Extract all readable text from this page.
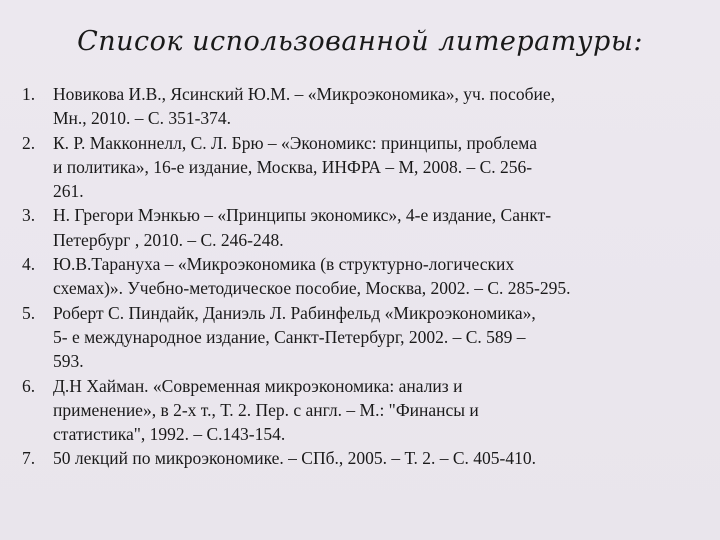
Список использованной литературы:
1.	Новикова И.В., Ясинский Ю.М. – «Микроэкономика», уч. пособие,
Мн., 2010. – С. 351-374.
2.	К. Р. Макконнелл, С. Л. Брю – «Экономикс: принципы, проблема
и политика», 16-е издание, Москва, ИНФРА – М, 2008. – С. 256-
261.
3.	Н. Грегори Мэнкью – «Принципы экономикс», 4-е издание, Санкт-
Петербург , 2010. – С. 246-248.
4.	Ю.В.Тарануха – «Микроэкономика (в структурно-логических
схемах)». Учебно-методическое пособие, Москва, 2002. – С. 285-295.
5.	Роберт С. Пиндайк, Даниэль Л. Рабинфельд «Микроэкономика»,
5- е международное издание, Санкт-Петербург, 2002. – С. 589 –
593.
6.	Д.Н Хайман. «Современная микроэкономика: анализ и
применение», в 2-х т., Т. 2. Пер. с англ. – М.: "Финансы и
статистика", 1992. – С.143-154.
7.	50 лекций по микроэкономике. – СПб., 2005. – Т. 2. – С. 405-410.
